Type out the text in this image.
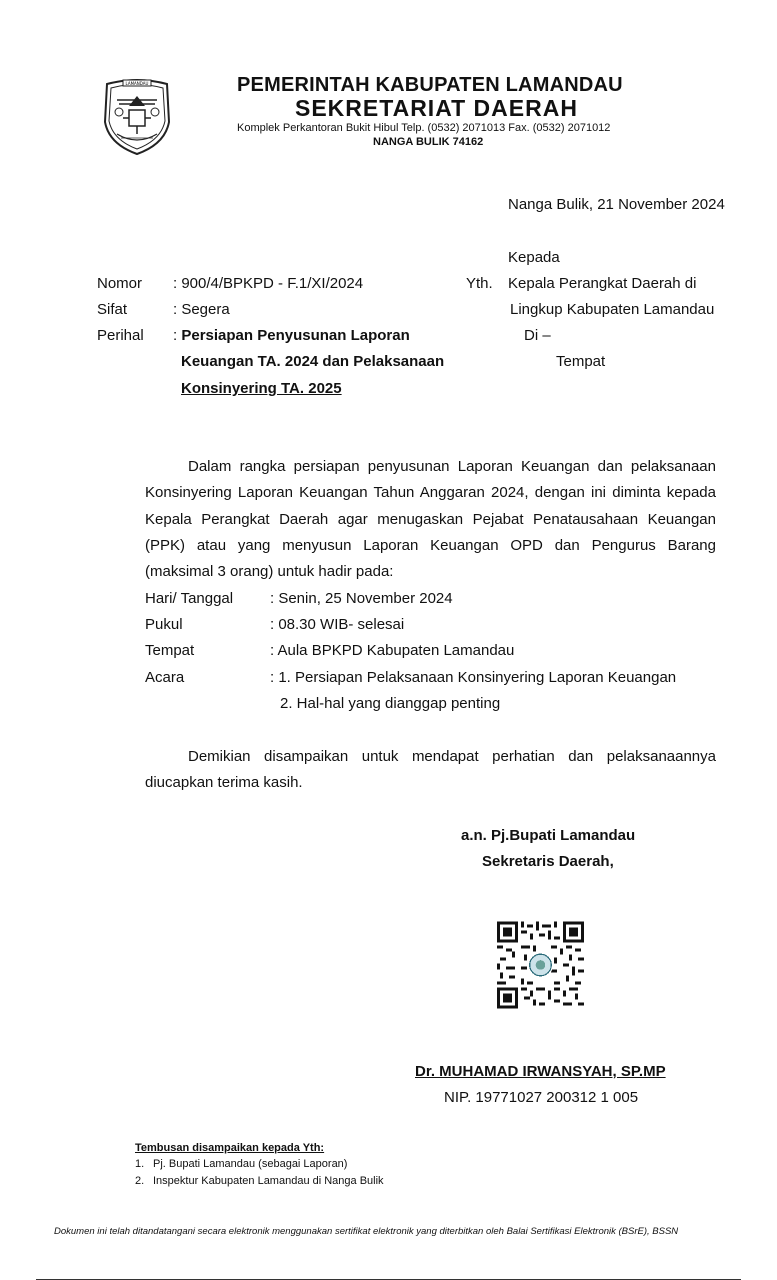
LAMANDAU	PEMERINTAH KABUPATEN LAMANDAU
SEKRETARIAT DAERAH
Komplek Perkantoran Bukit Hibul Telp. (0532) 2071013 Fax. (0532) 2071012
NANGA BULIK 74162
Nanga Bulik, 21 November 2024
Kepada
Yth. Kepala Perangkat Daerah di
Lingkup Kabupaten Lamandau
Di –
Tempat
Nomor : 900/4/BPKPD - F.1/XI/2024
Sifat	: Segera
Perihal : Persiapan Penyusunan Laporan
Keuangan TA. 2024 dan Pelaksanaan
Konsinyering TA. 2025
Dalam rangka persiapan penyusunan Laporan Keuangan dan pelaksanaan
Konsinyering Laporan Keuangan Tahun Anggaran 2024, dengan ini diminta kepada
Kepala Perangkat Daerah agar menugaskan Pejabat Penatausahaan Keuangan
(PPK) atau yang menyusun Laporan Keuangan OPD dan Pengurus Barang
(maksimal 3 orang) untuk hadir pada:
Hari/ Tanggal : Senin, 25 November 2024
Pukul	: 08.30 WIB- selesai
Tempat	: Aula BPKPD Kabupaten Lamandau
Acara	: 1. Persiapan Pelaksanaan Konsinyering Laporan Keuangan
2. Hal-hal yang dianggap penting
Demikian disampaikan untuk mendapat perhatian dan pelaksanaannya
diucapkan terima kasih.
a.n. Pj.Bupati Lamandau
Sekretaris Daerah,
Dr. MUHAMAD IRWANSYAH, SP.MP
NIP. 19771027 200312 1 005
Tembusan disampaikan kepada Yth:
1. Pj. Bupati Lamandau (sebagai Laporan)
2. Inspektur Kabupaten Lamandau di Nanga Bulik
Dokumen ini telah ditandatangani secara elektronik menggunakan sertifikat elektronik yang diterbitkan oleh Balai Sertifikasi Elektronik (BSrE), BSSN
